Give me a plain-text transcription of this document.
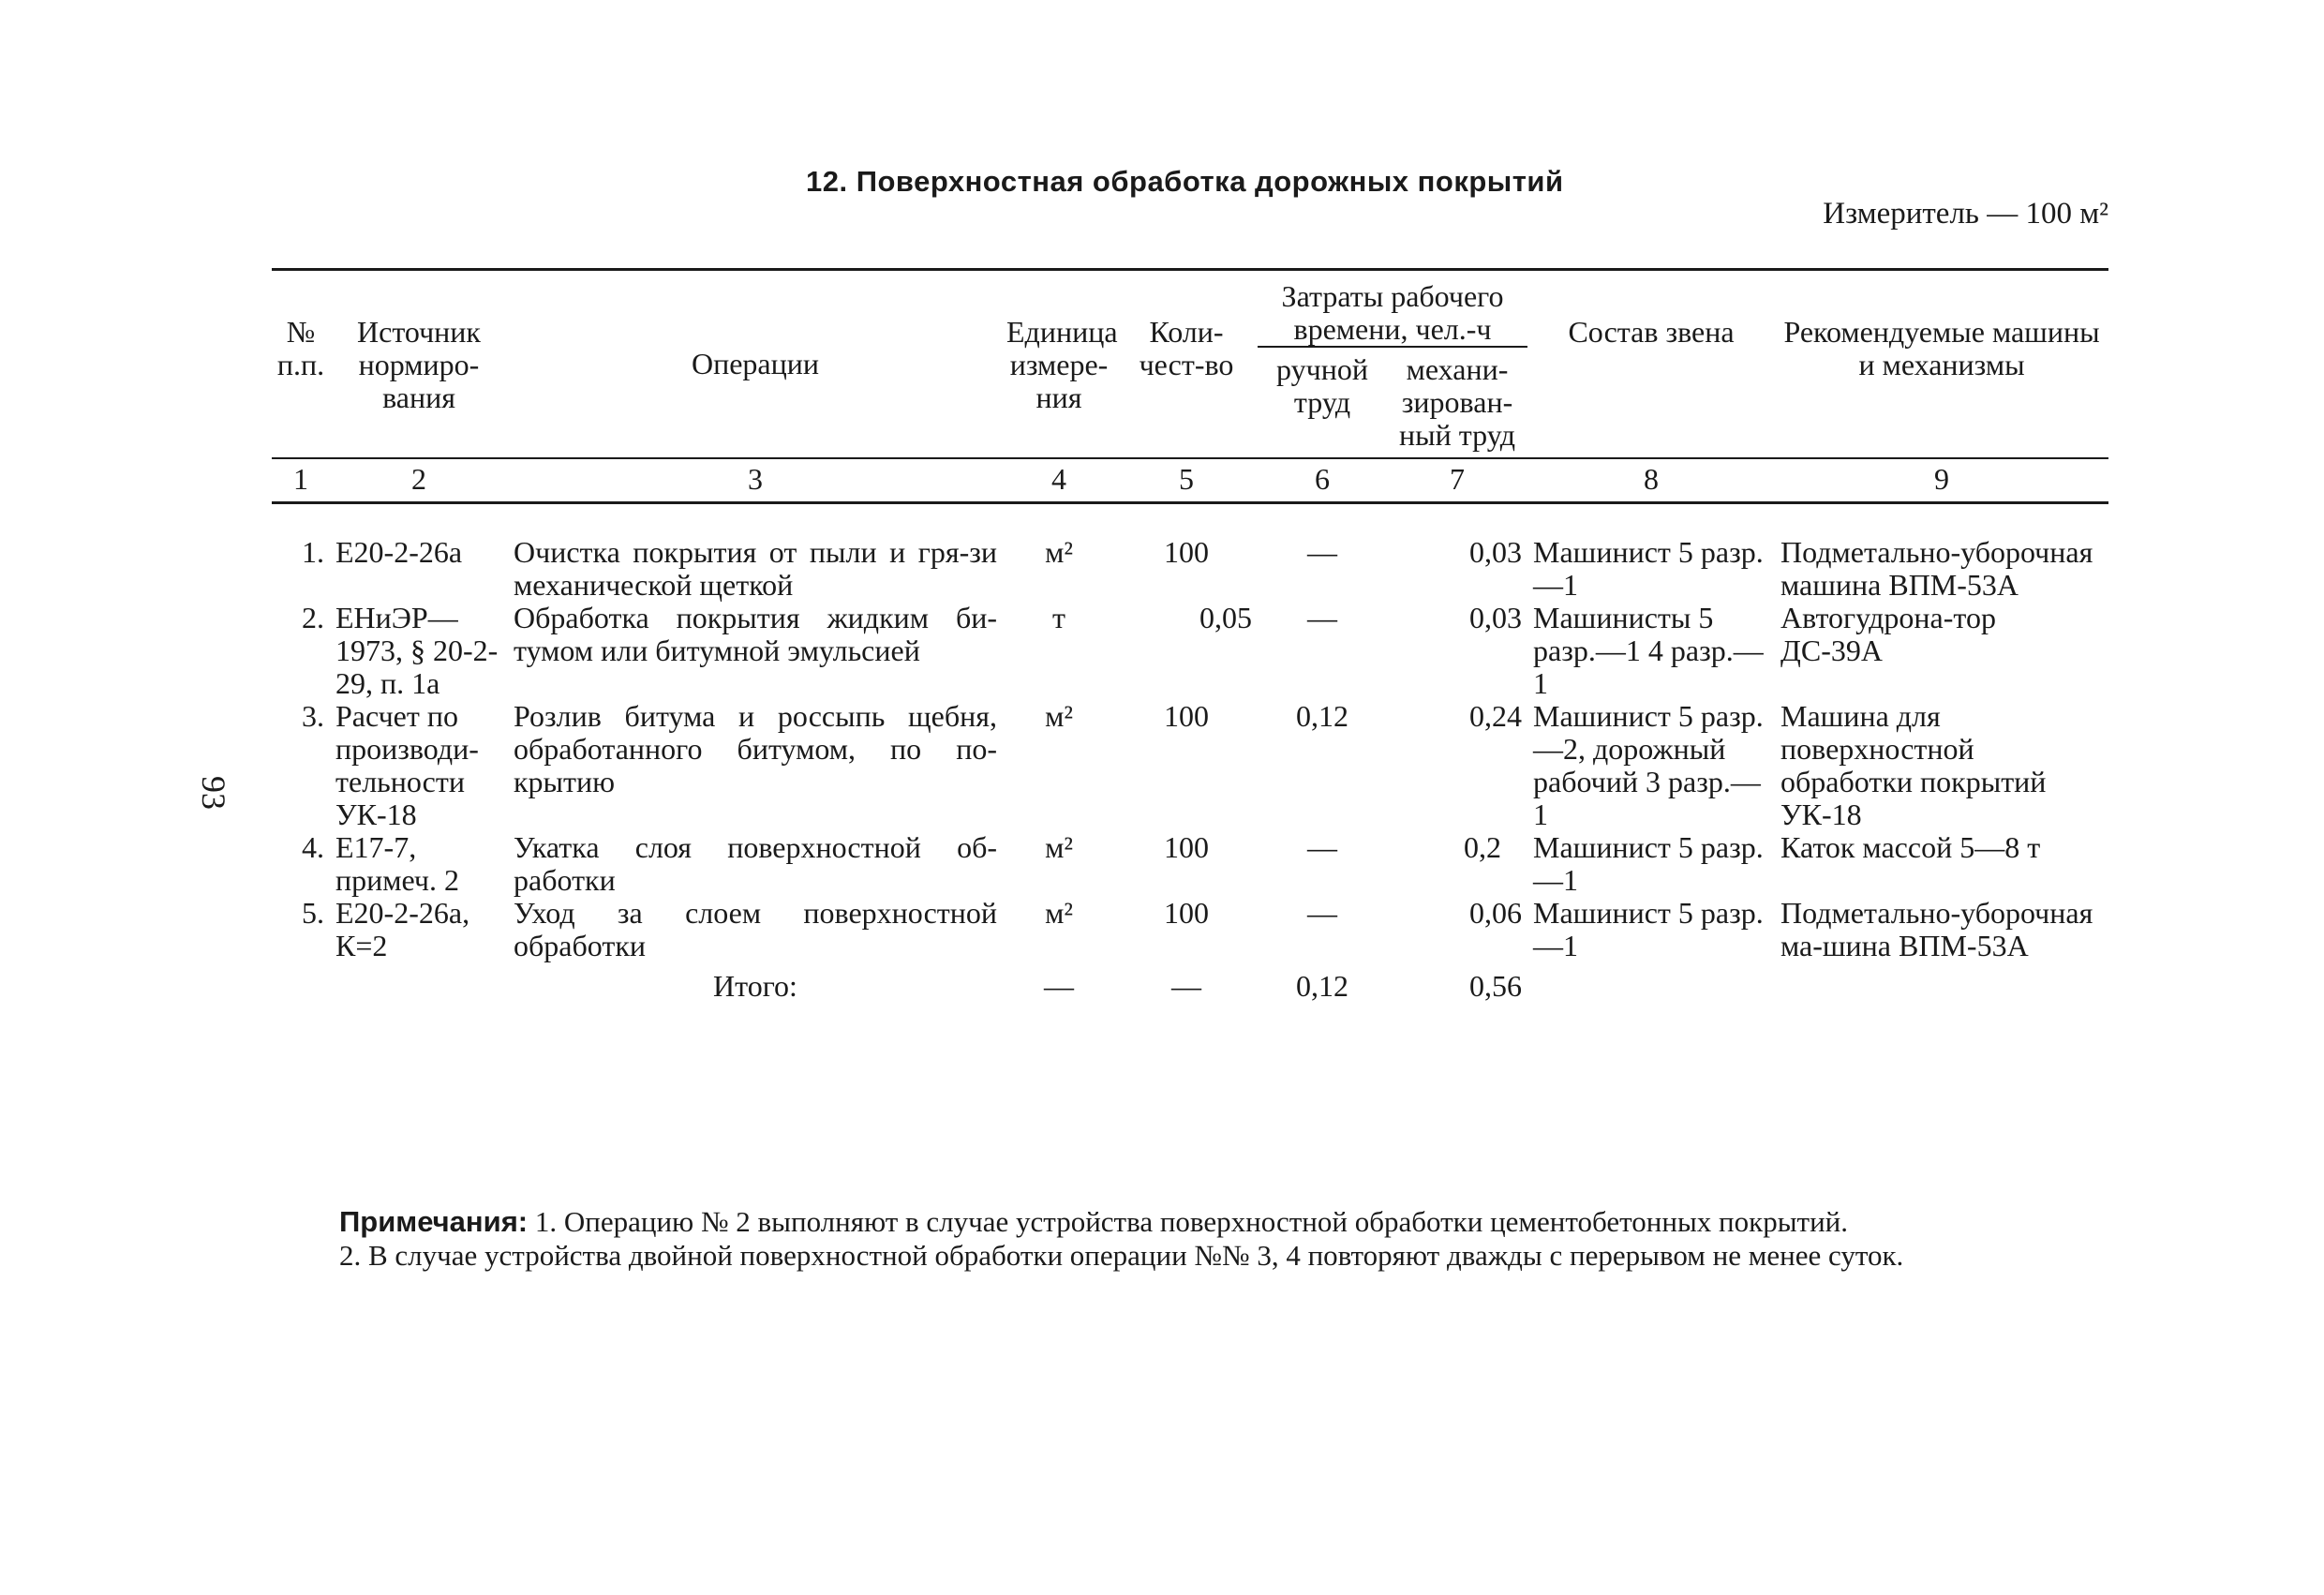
12. Поверхностная обработка дорожных покрытий
Измеритель — 100 м²
93
№ п.п.	Источник нормиро-вания	Операции	Единица измере-ния	Коли-чест-во	Затраты рабочего времени, чел.-ч		Состав звена	Рекомендуемые машины и механизмы
					ручной труд	механи-зирован-ный труд		
1	2	3	4	5	6	7	8	9
1.	Е20-2-26а	Очистка покрытия от пыли и гря-зи механической щеткой	м²	100	—	0,03	Машинист 5 разр.—1	Подметально-уборочная машина ВПМ-53А
2.	ЕНиЭР—1973, § 20-2-29, п. 1а	Обработка покрытия жидким би-тумом или битумной эмульсией	т	0,05	—	0,03	Машинисты 5 разр.—1 4 разр.—1	Автогудрона-тор ДС-39А
3.	Расчет по производи-тельности УК-18	Розлив битума и россыпь щебня, обработанного битумом, по по-крытию	м²	100	0,12	0,24	Машинист 5 разр.—2, дорожный рабочий 3 разр.—1	Машина для поверхностной обработки покрытий УК-18
4.	Е17-7, примеч. 2	Укатка слоя поверхностной об-работки	м²	100	—	0,2	Машинист 5 разр.—1	Каток массой 5—8 т
5.	Е20-2-26а, К=2	Уход за слоем поверхностной обработки	м²	100	—	0,06	Машинист 5 разр.—1	Подметально-уборочная ма-шина ВПМ-53А
		Итого:	—	—	0,12	0,56		

Примечания: 1. Операцию № 2 выполняют в случае устройства поверхностной обработки цементобетонных покрытий.

2. В случае устройства двойной поверхностной обработки операции №№ 3, 4 повторяют дважды с перерывом не менее суток.
